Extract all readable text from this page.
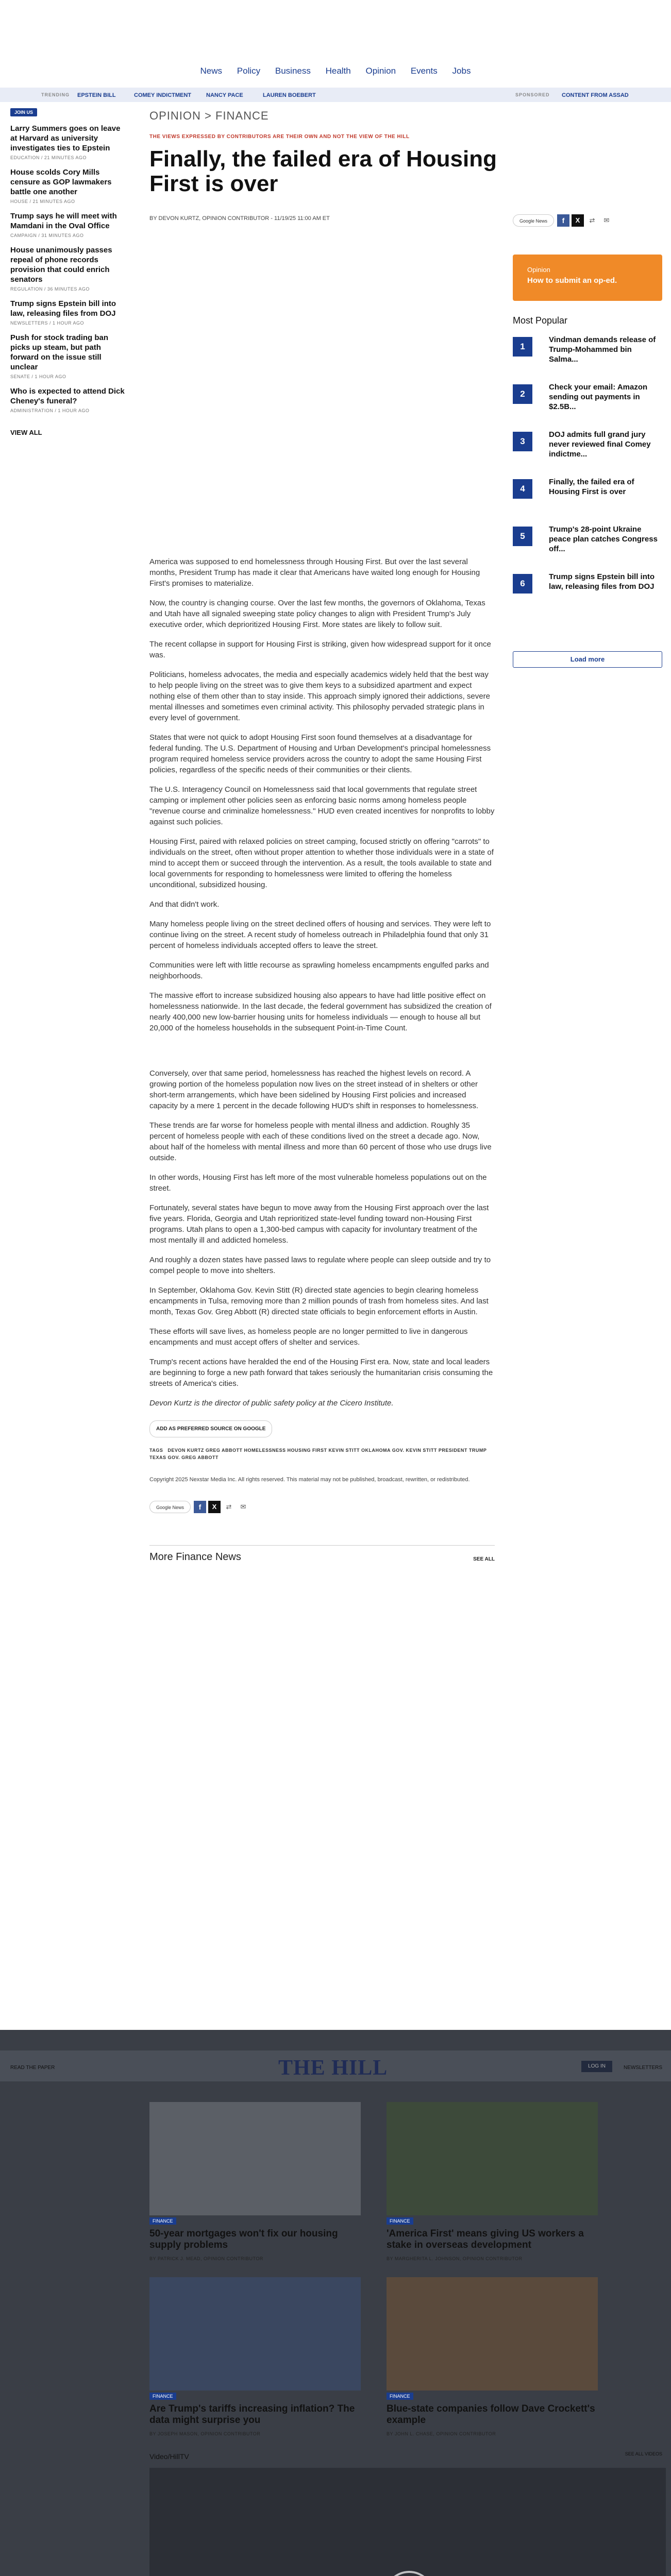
News Policy Business Health Opinion Events Jobs
TRENDING EPSTEIN BILL	COMEY INDICTMENT	NANCY PACE	LAUREN BOEBERT	SPONSORED CONTENT FROM ASSAD
JOIN US
Larry Summers goes on leave at Harvard as university investigates ties to Epstein
EDUCATION / 21 MINUTES AGO
House scolds Cory Mills censure as GOP lawmakers battle one another
HOUSE / 21 MINUTES AGO
Trump says he will meet with Mamdani in the Oval Office
CAMPAIGN / 31 MINUTES AGO
House unanimously passes repeal of phone records provision that could enrich senators
REGULATION / 36 MINUTES AGO
Trump signs Epstein bill into law, releasing files from DOJ
NEWSLETTERS / 1 HOUR AGO
Push for stock trading ban picks up steam, but path forward on the issue still unclear
SENATE / 1 HOUR AGO
Who is expected to attend Dick Cheney's funeral?
ADMINISTRATION / 1 HOUR AGO
VIEW ALL
OPINION > FINANCE
THE VIEWS EXPRESSED BY CONTRIBUTORS ARE THEIR OWN AND NOT THE VIEW OF THE HILL
Finally, the failed era of Housing First is over
BY DEVON KURTZ, OPINION CONTRIBUTOR - 11/19/25 11:00 AM ET	Google News	f	X	⇄	✉
Opinion
How to submit an op-ed.
Most Popular
1
Vindman demands release of Trump-Mohammed bin Salma...
2
Check your email: Amazon sending out payments in $2.5B...
3
DOJ admits full grand jury never reviewed final Comey indictme...
4
Finally, the failed era of Housing First is over
5
Trump's 28-point Ukraine peace plan catches Congress off...
6
Trump signs Epstein bill into law, releasing files from DOJ
Load more

America was supposed to end homelessness through Housing First. But over the last several months, President Trump has made it clear that Americans have waited long enough for Housing First's promises to materialize.

Now, the country is changing course. Over the last few months, the governors of Oklahoma, Texas and Utah have all signaled sweeping state policy changes to align with President Trump's July executive order, which deprioritized Housing First. More states are likely to follow suit.

The recent collapse in support for Housing First is striking, given how widespread support for it once was.

Politicians, homeless advocates, the media and especially academics widely held that the best way to help people living on the street was to give them keys to a subsidized apartment and expect nothing else of them other than to stay inside. This approach simply ignored their addictions, severe mental illnesses and sometimes even criminal activity. This philosophy pervaded strategic plans in every level of government.

States that were not quick to adopt Housing First soon found themselves at a disadvantage for federal funding. The U.S. Department of Housing and Urban Development's principal homelessness program required homeless service providers across the country to adopt the same Housing First policies, regardless of the specific needs of their communities or their clients.

The U.S. Interagency Council on Homelessness said that local governments that regulate street camping or implement other policies seen as enforcing basic norms among homeless people "revenue course and criminalize homelessness." HUD even created incentives for nonprofits to lobby against such policies.

Housing First, paired with relaxed policies on street camping, focused strictly on offering "carrots" to individuals on the street, often without proper attention to whether those individuals were in a state of mind to accept them or succeed through the intervention. As a result, the tools available to state and local governments for responding to homelessness were limited to offering the homeless unconditional, subsidized housing.

And that didn't work.

Many homeless people living on the street declined offers of housing and services. They were left to continue living on the street. A recent study of homeless outreach in Philadelphia found that only 31 percent of homeless individuals accepted offers to leave the street.

Communities were left with little recourse as sprawling homeless encampments engulfed parks and neighborhoods.

The massive effort to increase subsidized housing also appears to have had little positive effect on homelessness nationwide. In the last decade, the federal government has subsidized the creation of nearly 400,000 new low-barrier housing units for homeless individuals — enough to house all but 20,000 of the homeless households in the subsequent Point-in-Time Count.

Conversely, over that same period, homelessness has reached the highest levels on record. A growing portion of the homeless population now lives on the street instead of in shelters or other short-term arrangements, which have been sidelined by Housing First policies and increased capacity by a mere 1 percent in the decade following HUD's shift in responses to homelessness.

These trends are far worse for homeless people with mental illness and addiction. Roughly 35 percent of homeless people with each of these conditions lived on the street a decade ago. Now, about half of the homeless with mental illness and more than 60 percent of those who use drugs live outside.

In other words, Housing First has left more of the most vulnerable homeless populations out on the street.

Fortunately, several states have begun to move away from the Housing First approach over the last five years. Florida, Georgia and Utah reprioritized state-level funding toward non-Housing First programs. Utah plans to open a 1,300-bed campus with capacity for involuntary treatment of the most mentally ill and addicted homeless.

And roughly a dozen states have passed laws to regulate where people can sleep outside and try to compel people to move into shelters.

In September, Oklahoma Gov. Kevin Stitt (R) directed state agencies to begin clearing homeless encampments in Tulsa, removing more than 2 million pounds of trash from homeless sites. And last month, Texas Gov. Greg Abbott (R) directed state officials to begin enforcement efforts in Austin.

These efforts will save lives, as homeless people are no longer permitted to live in dangerous encampments and must accept offers of shelter and services.

Trump's recent actions have heralded the end of the Housing First era. Now, state and local leaders are beginning to forge a new path forward that takes seriously the humanitarian crisis consuming the streets of America's cities.

Devon Kurtz is the director of public safety policy at the Cicero Institute.

ADD AS PREFERRED SOURCE ON GOOGLE
TAGS DEVON KURTZ GREG ABBOTT HOMELESSNESS HOUSING FIRST KEVIN STITT OKLAHOMA GOV. KEVIN STITT PRESIDENT TRUMP TEXAS GOV. GREG ABBOTT
Copyright 2025 Nexstar Media Inc. All rights reserved. This material may not be published, broadcast, rewritten, or redistributed.
Google News	f	X	⇄	✉
More Finance News	SEE ALL
READ THE PAPER	THE HILL	LOG IN	NEWSLETTERS
FINANCE
50-year mortgages won't fix our housing supply problems
BY PATRICK J. MEAD, OPINION CONTRIBUTOR
FINANCE
'America First' means giving US workers a stake in overseas development
BY MARGHERITA L. JOHNSON, OPINION CONTRIBUTOR
FINANCE
Are Trump's tariffs increasing inflation? The data might surprise you
BY JOSEPH MASON, OPINION CONTRIBUTOR
FINANCE
Blue-state companies follow Dave Crockett's example
BY JOHN L. CHASE, OPINION CONTRIBUTOR
Video/HillTV	SEE ALL VIDEOS
